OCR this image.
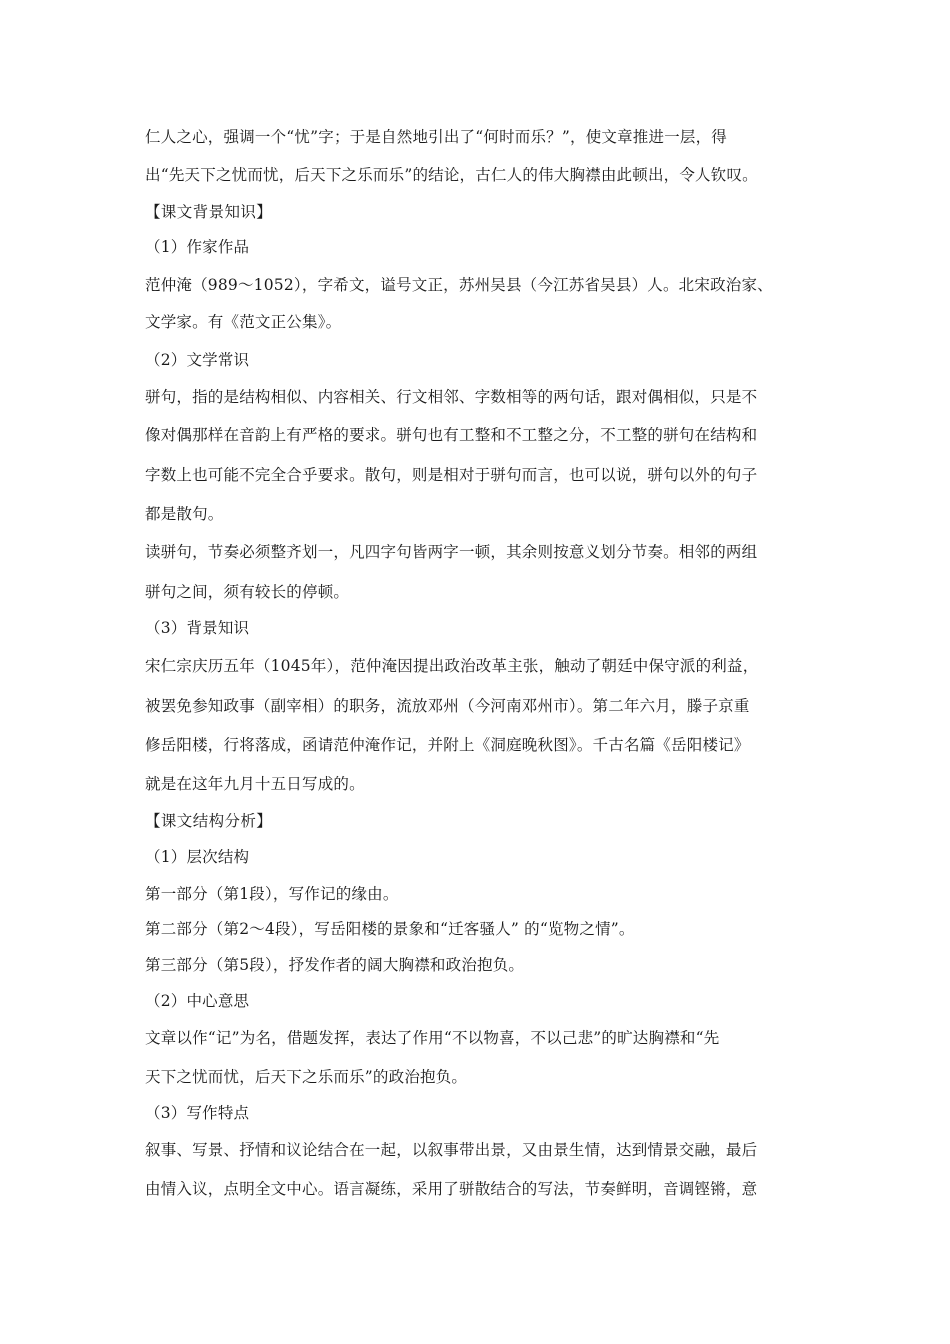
仁人之心，强调一个“忧”字；于是自然地引出了“何时而乐？”，使文章推进一层，得
出“先天下之忧而忧，后天下之乐而乐”的结论，古仁人的伟大胸襟由此顿出，令人钦叹。
【课文背景知识】
（1）作家作品
范仲淹（989～1052），字希文，谥号文正，苏州吴县（今江苏省吴县）人。北宋政治家、
文学家。有《范文正公集》。
（2）文学常识
骈句，指的是结构相似、内容相关、行文相邻、字数相等的两句话，跟对偶相似，只是不
像对偶那样在音韵上有严格的要求。骈句也有工整和不工整之分，不工整的骈句在结构和
字数上也可能不完全合乎要求。散句，则是相对于骈句而言，也可以说，骈句以外的句子
都是散句。
读骈句，节奏必须整齐划一，凡四字句皆两字一顿，其余则按意义划分节奏。相邻的两组
骈句之间，须有较长的停顿。
（3）背景知识
宋仁宗庆历五年（1045年），范仲淹因提出政治改革主张，触动了朝廷中保守派的利益，
被罢免参知政事（副宰相）的职务，流放邓州（今河南邓州市）。第二年六月，滕子京重
修岳阳楼，行将落成，函请范仲淹作记，并附上《洞庭晚秋图》。千古名篇《岳阳楼记》
就是在这年九月十五日写成的。
【课文结构分析】
（1）层次结构
第一部分（第1段），写作记的缘由。
第二部分（第2～4段），写岳阳楼的景象和“迁客骚人” 的“览物之情”。
第三部分（第5段），抒发作者的阔大胸襟和政治抱负。
（2）中心意思
文章以作“记”为名，借题发挥，表达了作用“不以物喜，不以己悲”的旷达胸襟和“先
天下之忧而忧，后天下之乐而乐”的政治抱负。
（3）写作特点
叙事、写景、抒情和议论结合在一起，以叙事带出景，又由景生情，达到情景交融，最后
由情入议，点明全文中心。语言凝练，采用了骈散结合的写法，节奏鲜明，音调铿锵，意
